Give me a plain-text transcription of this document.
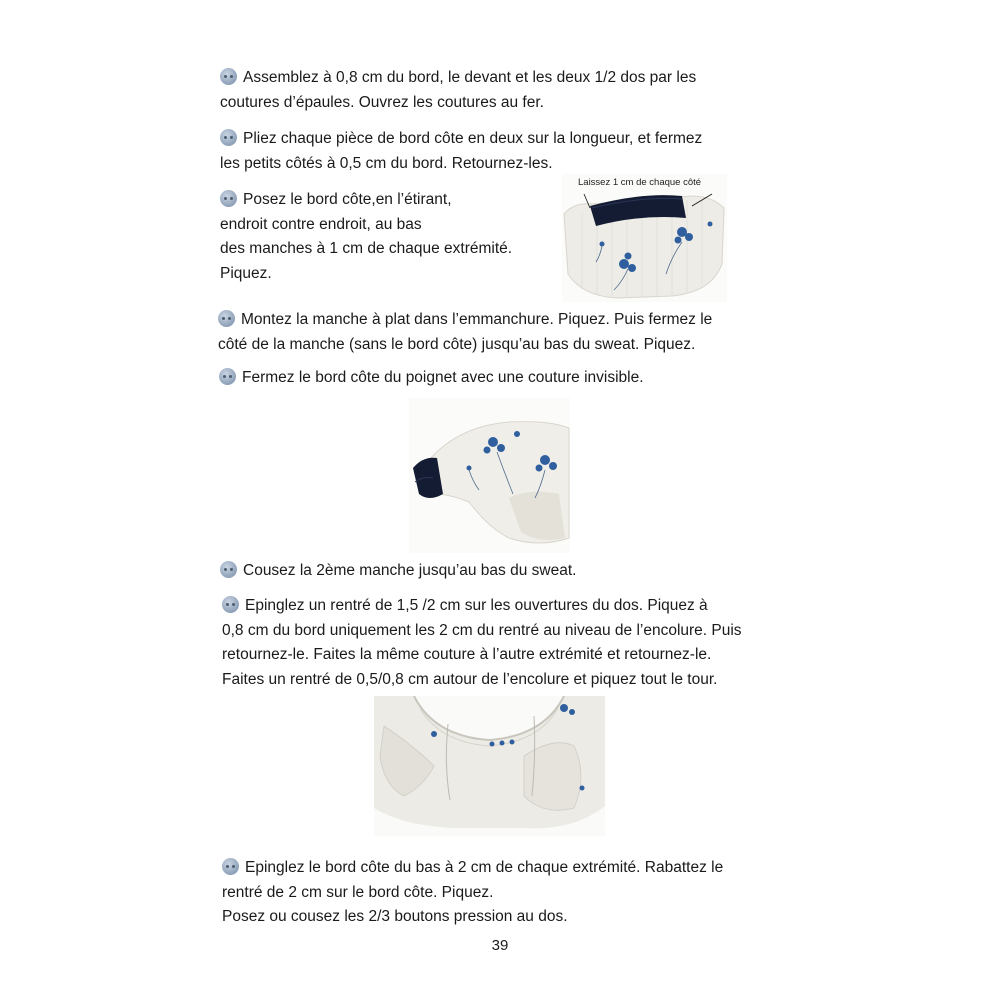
Assemblez à 0,8 cm du bord, le devant et les deux 1/2 dos par les
coutures d’épaules. Ouvrez les coutures au fer.
Pliez chaque pièce de bord côte en deux sur la longueur, et fermez
les petits côtés à 0,5 cm du bord. Retournez-les.
Posez le bord côte,en l’étirant,
endroit contre endroit, au bas
des manches à 1 cm de chaque extrémité.
Piquez.
Laissez 1 cm de chaque côté
Montez la manche à plat dans l’emmanchure. Piquez. Puis fermez le
côté de la manche (sans le bord côte) jusqu’au bas du sweat. Piquez.
Fermez le bord côte du poignet avec une couture invisible.
Cousez la 2ème manche jusqu’au bas du sweat.
Epinglez un rentré de 1,5 /2 cm sur les ouvertures du dos. Piquez à
0,8 cm du bord uniquement les 2 cm du rentré au niveau de l’encolure. Puis
retournez-le. Faites la même couture à l’autre extrémité et retournez-le.
Faites un rentré de 0,5/0,8 cm autour de l’encolure et piquez tout le tour.
Epinglez le bord côte du bas à 2 cm de chaque extrémité. Rabattez le
rentré de 2 cm sur le bord côte. Piquez.
Posez ou cousez les 2/3 boutons pression au dos.
39
